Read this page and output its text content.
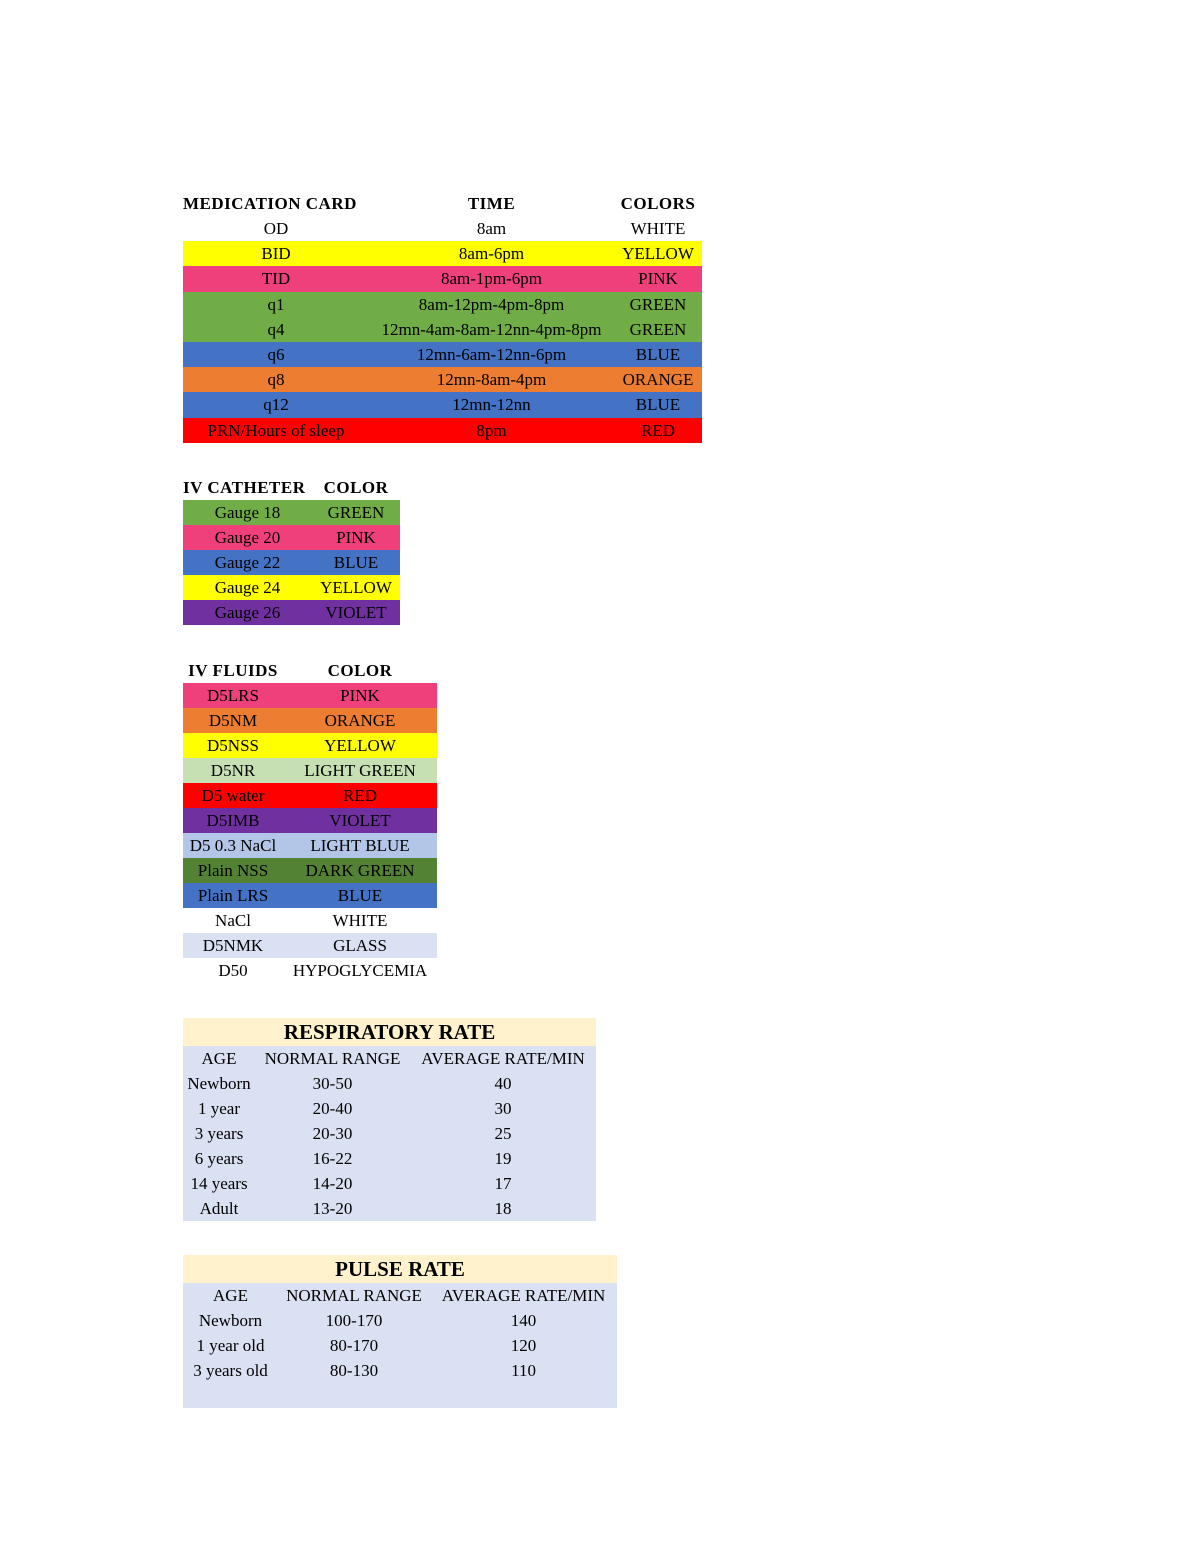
MEDICATION CARD	TIME	COLORS
OD	8am	WHITE
BID	8am-6pm	YELLOW
TID	8am-1pm-6pm	PINK
q1	8am-12pm-4pm-8pm	GREEN
q4	12mn-4am-8am-12nn-4pm-8pm	GREEN
q6	12mn-6am-12nn-6pm	BLUE
q8	12mn-8am-4pm	ORANGE
q12	12mn-12nn	BLUE
PRN/Hours of sleep	8pm	RED
IV CATHETER	COLOR
Gauge 18	GREEN
Gauge 20	PINK
Gauge 22	BLUE
Gauge 24	YELLOW
Gauge 26	VIOLET
IV FLUIDS	COLOR
D5LRS	PINK
D5NM	ORANGE
D5NSS	YELLOW
D5NR	LIGHT GREEN
D5 water	RED
D5IMB	VIOLET
D5 0.3 NaCl	LIGHT BLUE
Plain NSS	DARK GREEN
Plain LRS	BLUE
NaCl	WHITE
D5NMK	GLASS
D50	HYPOGLYCEMIA
RESPIRATORY RATE		
AGE	NORMAL RANGE	AVERAGE RATE/MIN
Newborn	30-50	40
1 year	20-40	30
3 years	20-30	25
6 years	16-22	19
14 years	14-20	17
Adult	13-20	18
PULSE RATE		
AGE	NORMAL RANGE	AVERAGE RATE/MIN
Newborn	100-170	140
1 year old	80-170	120
3 years old	80-130	110
